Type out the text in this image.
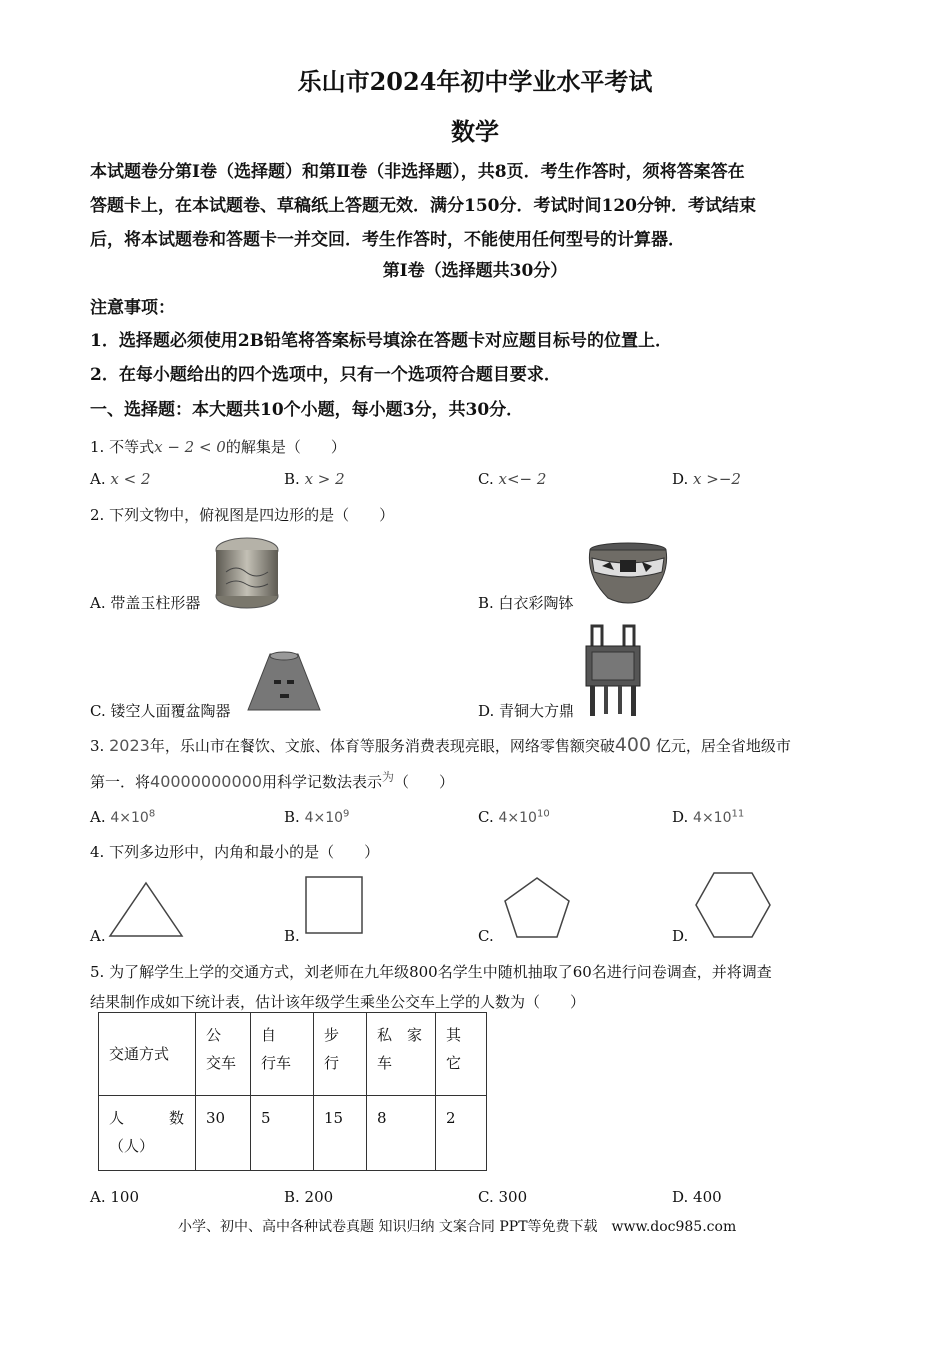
乐山市2024年初中学业水平考试
数学
本试题卷分第Ⅰ卷（选择题）和第Ⅱ卷（非选择题），共8页．考生作答时，须将答案答在
答题卡上，在本试题卷、草稿纸上答题无效．满分150分．考试时间120分钟．考试结束
后，将本试题卷和答题卡一并交回．考生作答时，不能使用任何型号的计算器．
第Ⅰ卷（选择题共30分）
注意事项：
1．选择题必须使用2B铅笔将答案标号填涂在答题卡对应题目标号的位置上．
2．在每小题给出的四个选项中，只有一个选项符合题目要求．
一、选择题：本大题共10个小题，每小题3分，共30分．
1. 不等式x − 2 < 0的解集是（　　）
A. x < 2	B. x > 2	C. x<− 2	D. x >−2
2. 下列文物中，俯视图是四边形的是（　　）
A. 带盖玉柱形器	B. 白衣彩陶钵
C. 镂空人面覆盆陶器	D. 青铜大方鼎
3. 2023年，乐山市在餐饮、文旅、体育等服务消费表现亮眼，网络零售额突破400 亿元，居全省地级市
第一．将40000000000用科学记数法表示$^为$（　　）
A. $4\times 10^8$	B. $4\times 10^9$	C. $4\times 10^{10}$	D. $4\times 10^{11}$
4. 下列多边形中，内角和最小的是（　　）
A.	B.	C.	D.
5. 为了解学生上学的交通方式，刘老师在九年级800名学生中随机抽取了60名进行问卷调查，并将调查
结果制作成如下统计表，估计该年级学生乘坐公交车上学的人数为（　　）
交通方式	公　交车	自　行车	步　行	私　家车	其　它
人　　　数（人）	30	5	15	8	2
A. 100	B. 200	C. 300	D. 400
小学、初中、高中各种试卷真题 知识归纳 文案合同 PPT等免费下载　www.doc985.com
